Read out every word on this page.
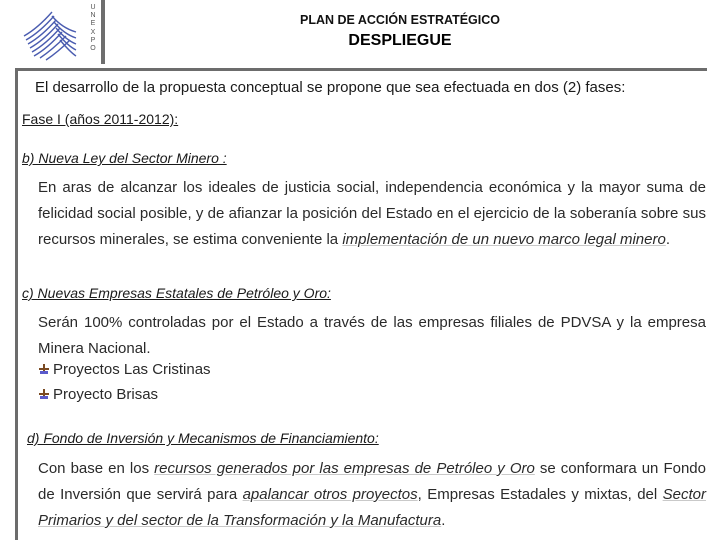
U
N
E
X
P
O
PLAN DE ACCIÓN ESTRATÉGICO
DESPLIEGUE
El desarrollo de la propuesta conceptual se propone que sea efectuada en dos (2) fases:
Fase I (años 2011-2012):
b) Nueva Ley del Sector Minero :
En aras de alcanzar los ideales de justicia social, independencia económica y la mayor suma de felicidad social posible, y de afianzar la posición del Estado en el ejercicio de la soberanía sobre sus recursos minerales, se estima conveniente la implementación de un nuevo marco legal minero.
c) Nuevas Empresas Estatales de Petróleo y Oro:
Serán 100% controladas por el Estado a través de las empresas filiales de PDVSA y la empresa Minera Nacional.
Proyectos Las Cristinas
Proyecto Brisas
d) Fondo de Inversión y Mecanismos de Financiamiento:
Con base en los recursos generados por las empresas de Petróleo y Oro se conformara un Fondo de Inversión que servirá para apalancar otros proyectos, Empresas Estadales y mixtas, del Sector Primarios y del sector de la Transformación y la Manufactura.
